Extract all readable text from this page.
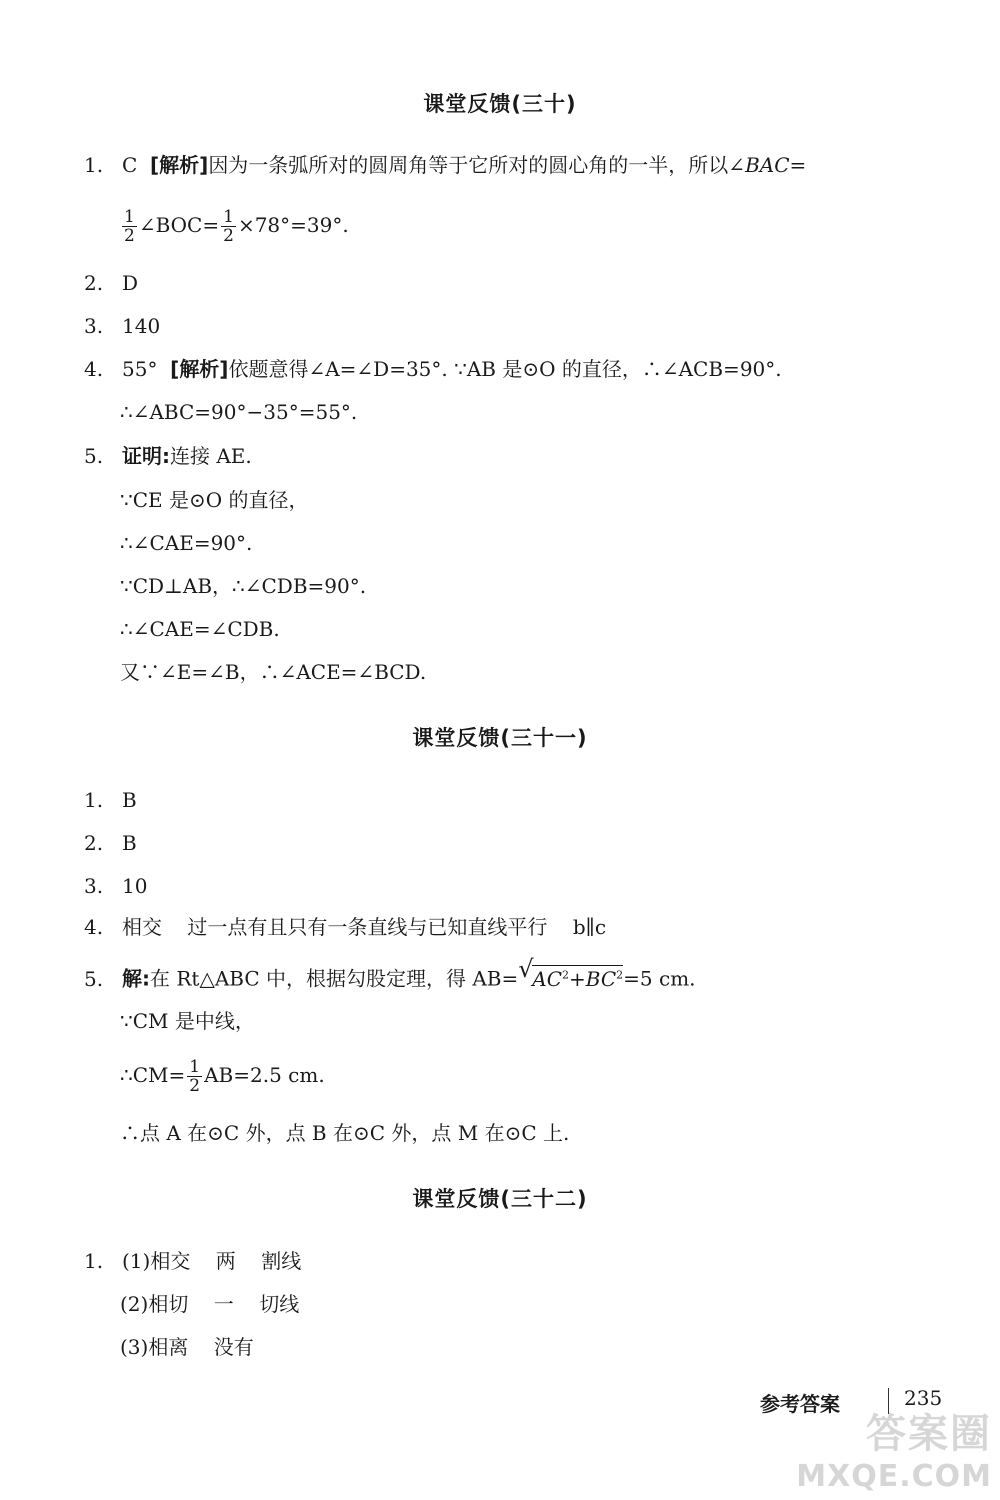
课堂反馈(三十)
1. C [解析]因为一条弧所对的圆周角等于它所对的圆心角的一半，所以∠BAC=
$\frac{1}{2}$ ∠BOC= $\frac{1}{2} \times 78^\circ=39^\circ$.
2. D
3. 140
4. 55° [解析]依题意得∠A=∠D=35°. ∵AB 是⊙O 的直径，∴∠ACB=90°.
∴∠ABC=90°−35°=55°.
5. 证明:连接 AE.
∵CE 是⊙O 的直径，
∴∠CAE=90°.
∵CD⊥AB，∴∠CDB=90°.
∴∠CAE=∠CDB.
又∵∠E=∠B，∴∠ACE=∠BCD.
课堂反馈(三十一)
1. B
2. B
3. 10
4. 相交    过一点有且只有一条直线与已知直线平行    b∥c
5. 解:在 Rt△ABC 中，根据勾股定理，得 AB= √
$AC^2+BC^2=5$ cm.
∵CM 是中线，
∴CM= $\frac{1}{2} AB=2.5$ cm.
∴点 A 在⊙C 外，点 B 在⊙C 外，点 M 在⊙C 上.
课堂反馈(三十二)
1. (1)相交    两    割线
(2)相切    一    切线
(3)相离    没有
参考答案	235
答案圈
MXQE.COM
